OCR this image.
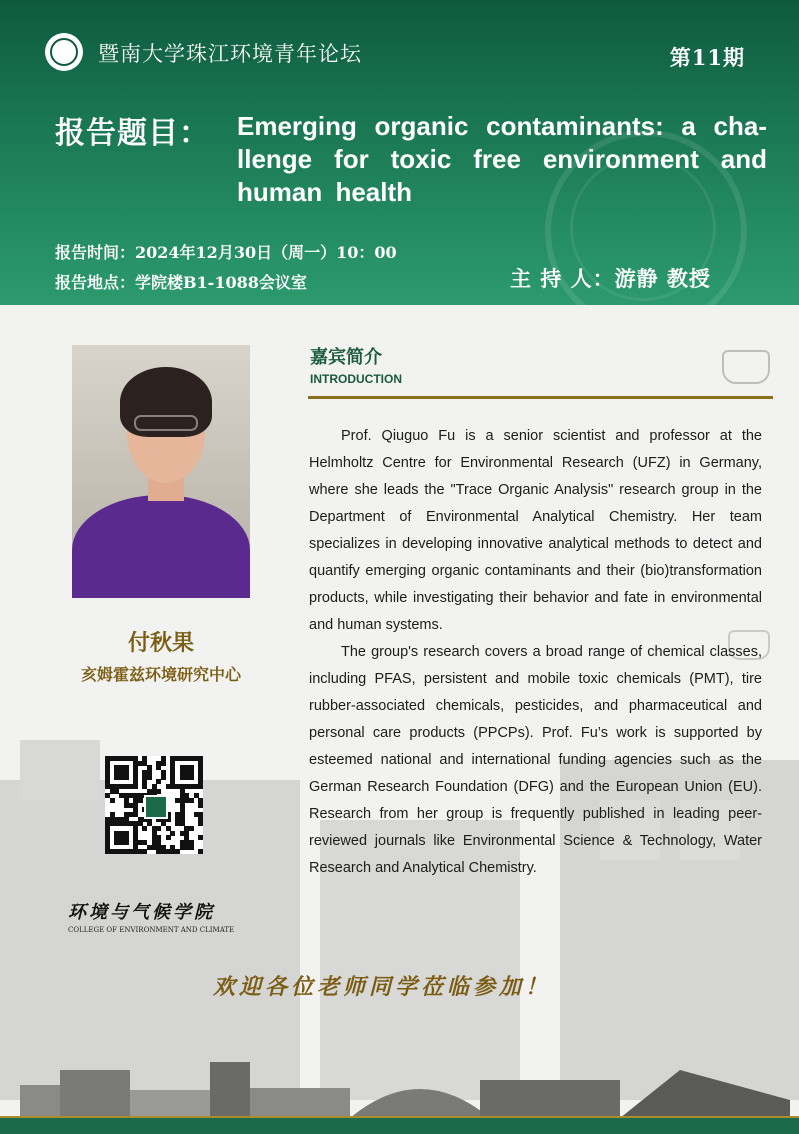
暨南大学珠江环境青年论坛	第11期
报告题目： Emerging organic contaminants: a cha-llenge for toxic free environment and human health
报告时间：2024年12月30日（周一）10：00
报告地点：学院楼B1-1088会议室	主 持 人：游静 教授
付秋果
亥姆霍兹环境研究中心
环境与气候学院
COLLEGE OF ENVIRONMENT AND CLIMATE
嘉宾简介
INTRODUCTION

Prof. Qiuguo Fu is a senior scientist and professor at the Helmholtz Centre for Environmental Research (UFZ) in Germany, where she leads the "Trace Organic Analysis" research group in the Department of Environmental Analytical Chemistry. Her team specializes in developing innovative analytical methods to detect and quantify emerging organic contaminants and their (bio)transformation products, while investigating their behavior and fate in environmental and human systems.

The group's research covers a broad range of chemical classes, including PFAS, persistent and mobile toxic chemicals (PMT), tire rubber-associated chemicals, pesticides, and pharmaceutical and personal care products (PPCPs). Prof. Fu’s work is supported by esteemed national and international funding agencies such as the German Research Foundation (DFG) and the European Union (EU). Research from her group is frequently published in leading peer-reviewed journals like Environmental Science & Technology, Water Research and Analytical Chemistry.

欢迎各位老师同学莅临参加！
